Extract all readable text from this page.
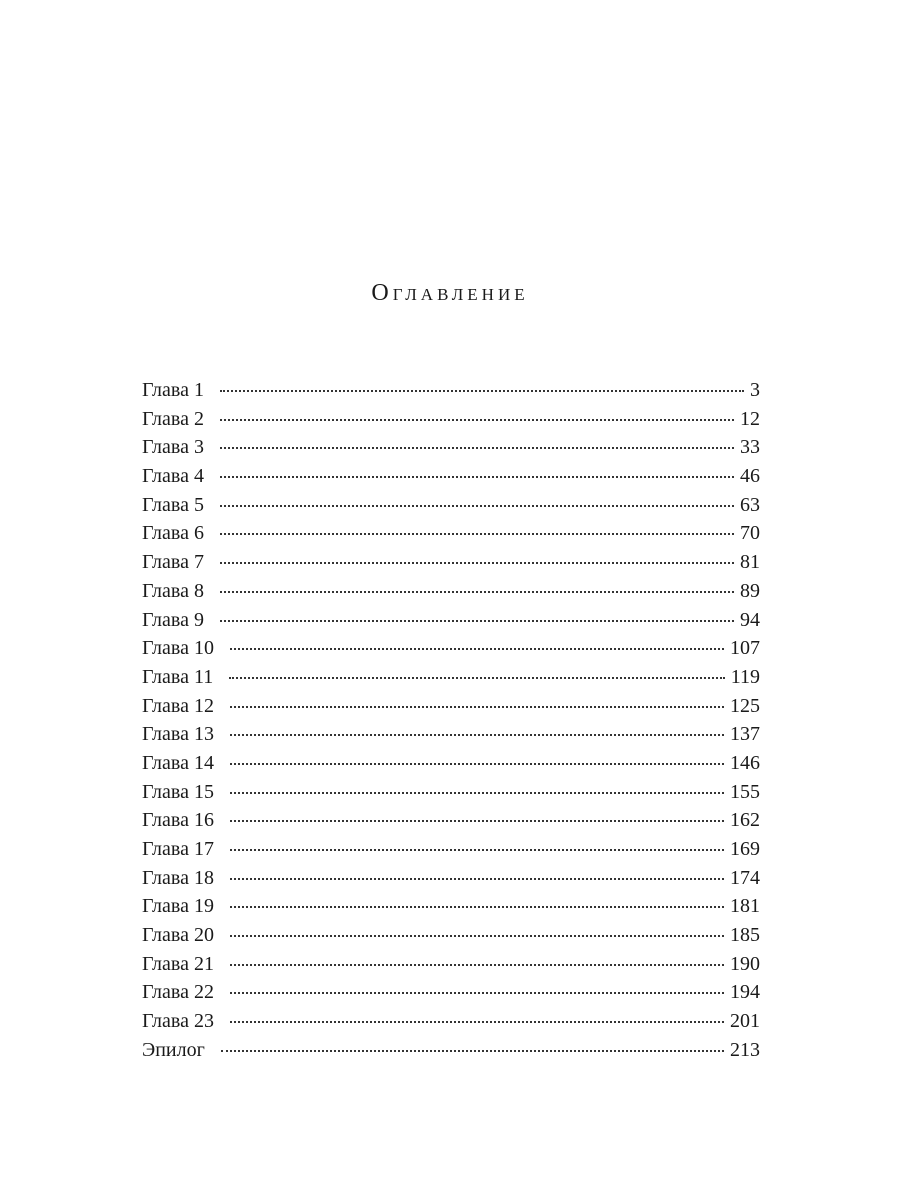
Оглавление
Глава 1	3
Глава 2	12
Глава 3	33
Глава 4	46
Глава 5	63
Глава 6	70
Глава 7	81
Глава 8	89
Глава 9	94
Глава 10	107
Глава 11	119
Глава 12	125
Глава 13	137
Глава 14	146
Глава 15	155
Глава 16	162
Глава 17	169
Глава 18	174
Глава 19	181
Глава 20	185
Глава 21	190
Глава 22	194
Глава 23	201
Эпилог	213
